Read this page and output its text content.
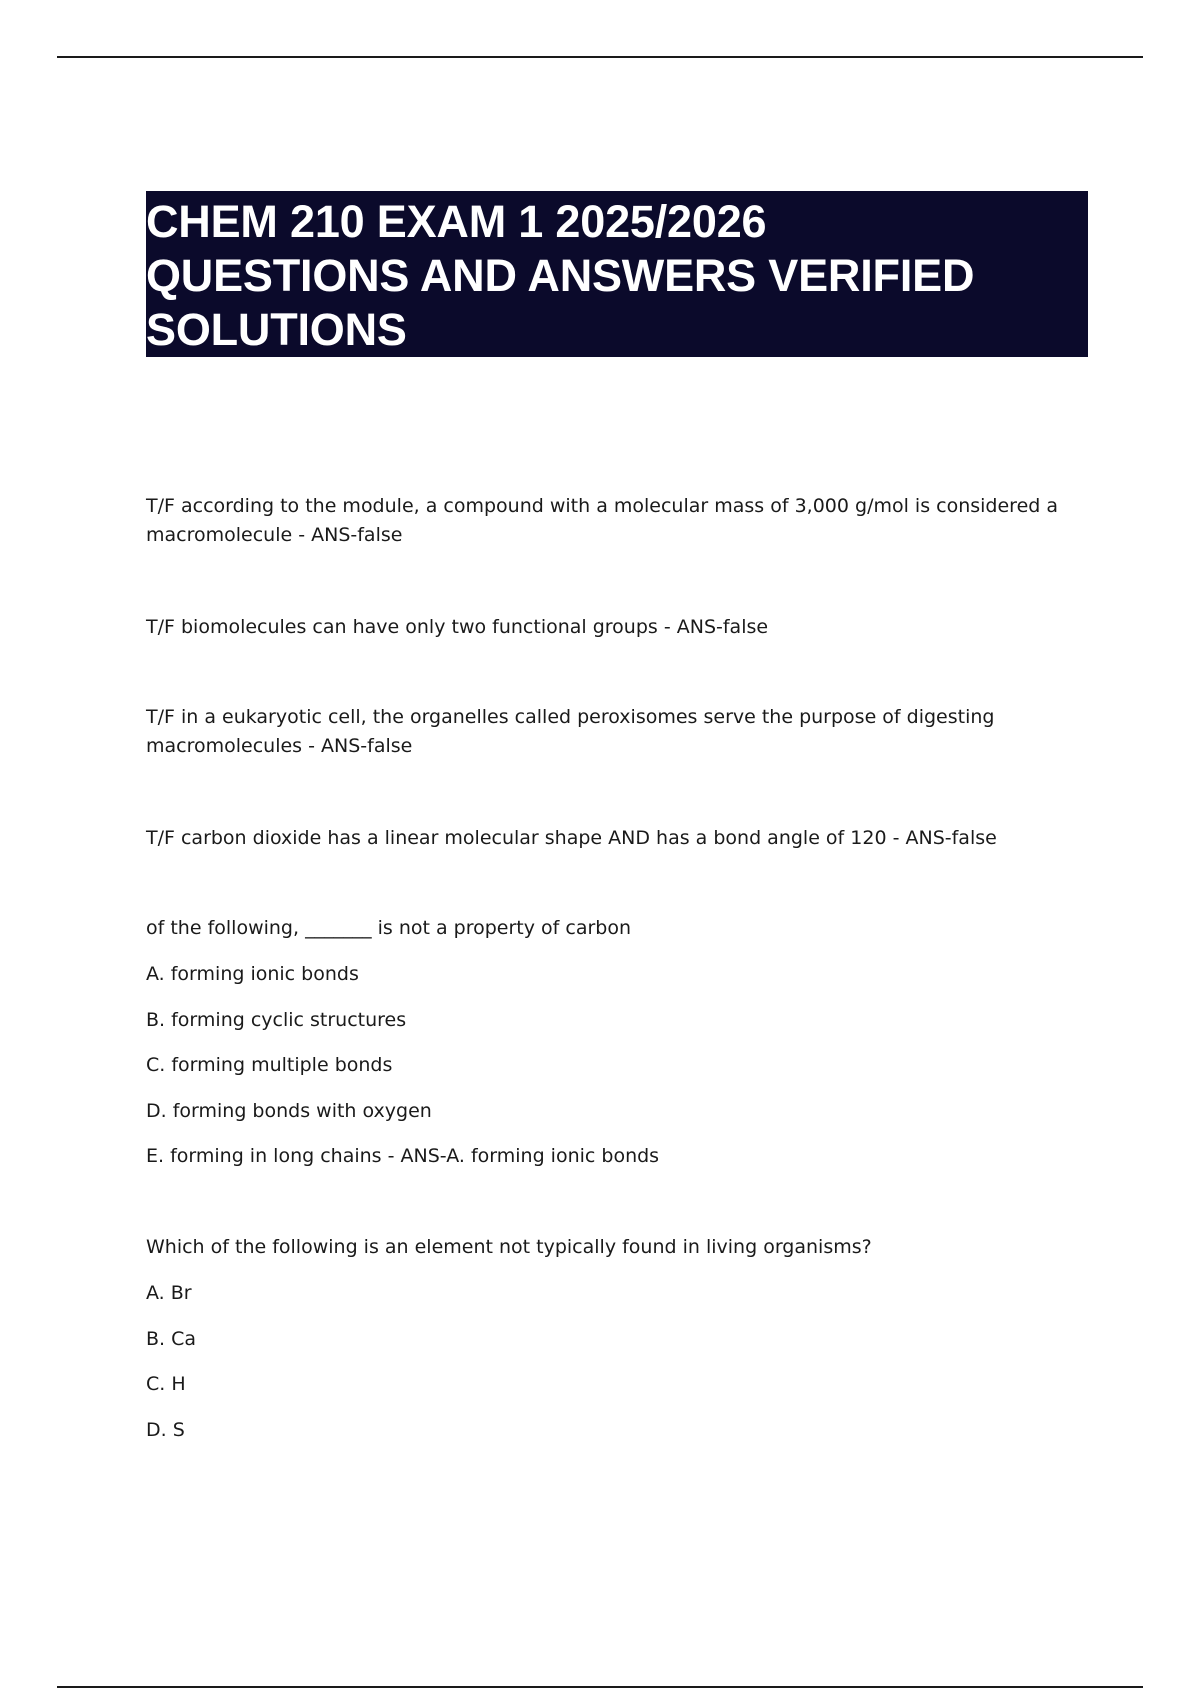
CHEM 210 EXAM 1 2025/2026
QUESTIONS AND ANSWERS VERIFIED
SOLUTIONS
T/F according to the module, a compound with a molecular mass of 3,000 g/mol is considered a macromolecule - ANS-false
T/F biomolecules can have only two functional groups - ANS-false
T/F in a eukaryotic cell, the organelles called peroxisomes serve the purpose of digesting macromolecules - ANS-false
T/F carbon dioxide has a linear molecular shape AND has a bond angle of 120 - ANS-false
of the following, _______ is not a property of carbon
A. forming ionic bonds
B. forming cyclic structures
C. forming multiple bonds
D. forming bonds with oxygen
E. forming in long chains - ANS-A. forming ionic bonds
Which of the following is an element not typically found in living organisms?
A. Br
B. Ca
C. H
D. S
